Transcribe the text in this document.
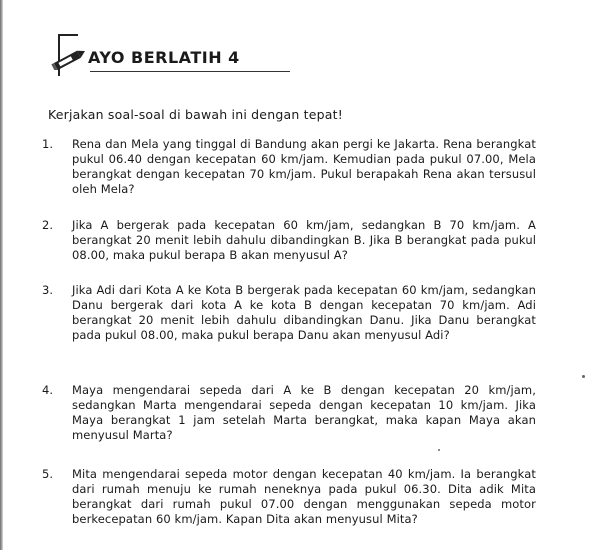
AYO BERLATIH 4
Kerjakan soal-soal di bawah ini dengan tepat!
1. Rena dan Mela yang tinggal di Bandung akan pergi ke Jakarta. Rena berangkat pukul 06.40 dengan kecepatan 60 km/jam. Kemudian pada pukul 07.00, Mela berangkat dengan kecepatan 70 km/jam. Pukul berapakah Rena akan tersusul oleh Mela?
2. Jika A bergerak pada kecepatan 60 km/jam, sedangkan B 70 km/jam. A berangkat 20 menit lebih dahulu dibandingkan B. Jika B berangkat pada pukul 08.00, maka pukul berapa B akan menyusul A?
3. Jika Adi dari Kota A ke Kota B bergerak pada kecepatan 60 km/jam, sedangkan Danu bergerak dari kota A ke kota B dengan kecepatan 70 km/jam. Adi berangkat 20 menit lebih dahulu dibandingkan Danu. Jika Danu berangkat pada pukul 08.00, maka pukul berapa Danu akan menyusul Adi?
4. Maya mengendarai sepeda dari A ke B dengan kecepatan 20 km/jam, sedangkan Marta mengendarai sepeda dengan kecepatan 10 km/jam. Jika Maya berangkat 1 jam setelah Marta berangkat, maka kapan Maya akan menyusul Marta?
5. Mita mengendarai sepeda motor dengan kecepatan 40 km/jam. Ia berangkat dari rumah menuju ke rumah neneknya pada pukul 06.30. Dita adik Mita berangkat dari rumah pukul 07.00 dengan menggunakan sepeda motor berkecepatan 60 km/jam. Kapan Dita akan menyusul Mita?
